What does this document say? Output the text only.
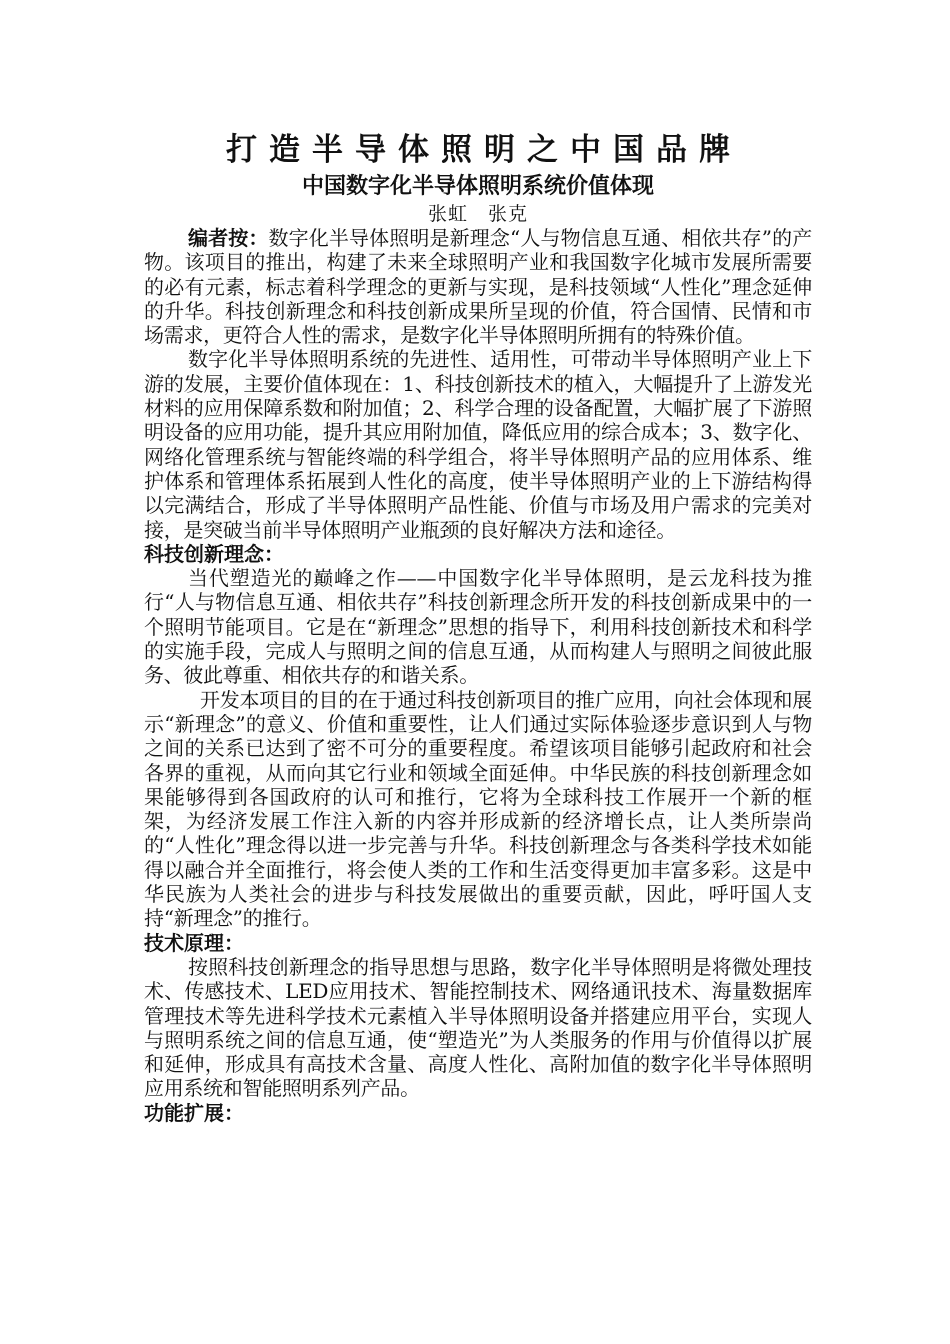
打造半导体照明之中国品牌
中国数字化半导体照明系统价值体现

张虹　张克

编者按：数字化半导体照明是新理念“人与物信息互通、相依共存”的产物。该项目的推出，构建了未来全球照明产业和我国数字化城市发展所需要的必有元素，标志着科学理念的更新与实现，是科技领域“人性化”理念延伸的升华。科技创新理念和科技创新成果所呈现的价值，符合国情、民情和市场需求，更符合人性的需求，是数字化半导体照明所拥有的特殊价值。

数字化半导体照明系统的先进性、适用性，可带动半导体照明产业上下游的发展，主要价值体现在：1、科技创新技术的植入，大幅提升了上游发光材料的应用保障系数和附加值；2、科学合理的设备配置，大幅扩展了下游照明设备的应用功能，提升其应用附加值，降低应用的综合成本；3、数字化、网络化管理系统与智能终端的科学组合，将半导体照明产品的应用体系、维护体系和管理体系拓展到人性化的高度，使半导体照明产业的上下游结构得以完满结合，形成了半导体照明产品性能、价值与市场及用户需求的完美对接，是突破当前半导体照明产业瓶颈的良好解决方法和途径。

科技创新理念：

当代塑造光的巅峰之作——中国数字化半导体照明，是云龙科技为推行“人与物信息互通、相依共存”科技创新理念所开发的科技创新成果中的一个照明节能项目。它是在“新理念”思想的指导下，利用科技创新技术和科学的实施手段，完成人与照明之间的信息互通，从而构建人与照明之间彼此服务、彼此尊重、相依共存的和谐关系。

开发本项目的目的在于通过科技创新项目的推广应用，向社会体现和展示“新理念”的意义、价值和重要性，让人们通过实际体验逐步意识到人与物之间的关系已达到了密不可分的重要程度。希望该项目能够引起政府和社会各界的重视，从而向其它行业和领域全面延伸。中华民族的科技创新理念如果能够得到各国政府的认可和推行，它将为全球科技工作展开一个新的框架，为经济发展工作注入新的内容并形成新的经济增长点，让人类所崇尚的“人性化”理念得以进一步完善与升华。科技创新理念与各类科学技术如能得以融合并全面推行，将会使人类的工作和生活变得更加丰富多彩。这是中华民族为人类社会的进步与科技发展做出的重要贡献，因此，呼吁国人支持“新理念”的推行。

技术原理：

按照科技创新理念的指导思想与思路，数字化半导体照明是将微处理技术、传感技术、LED应用技术、智能控制技术、网络通讯技术、海量数据库管理技术等先进科学技术元素植入半导体照明设备并搭建应用平台，实现人与照明系统之间的信息互通，使“塑造光”为人类服务的作用与价值得以扩展和延伸，形成具有高技术含量、高度人性化、高附加值的数字化半导体照明应用系统和智能照明系列产品。

功能扩展：
